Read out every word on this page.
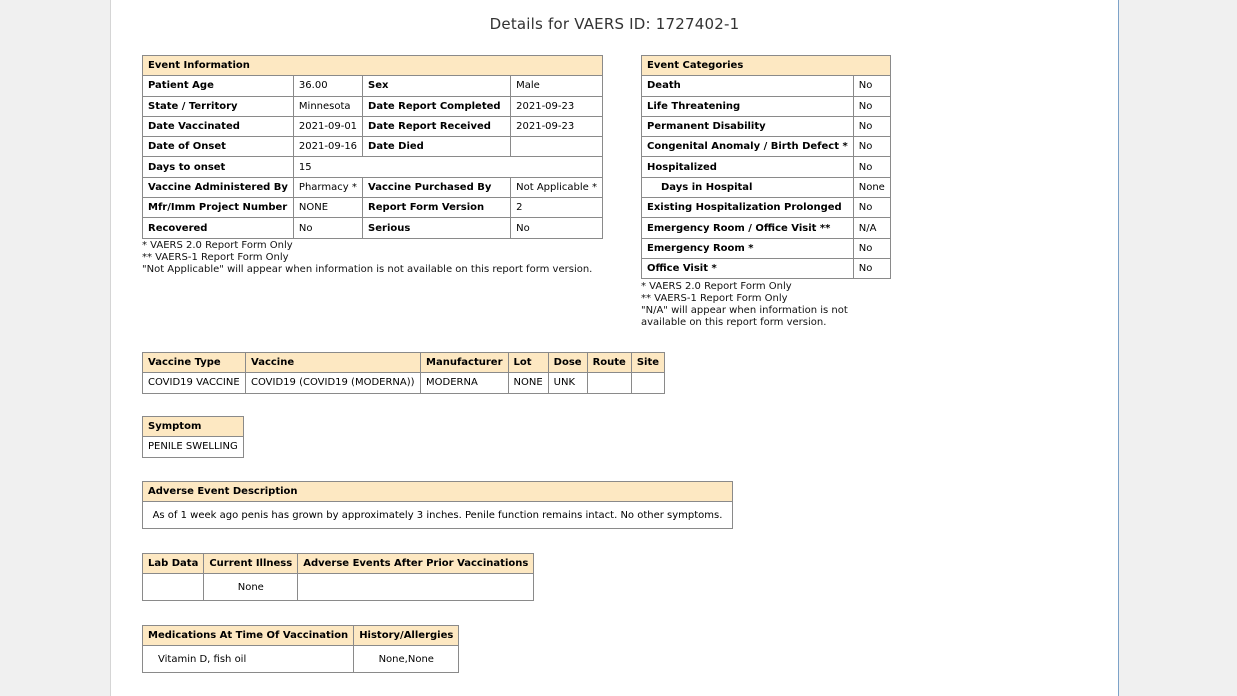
Details for VAERS ID: 1727402-1
Event Information			
Patient Age	36.00	Sex	Male
State / Territory	Minnesota	Date Report Completed	2021-09-23
Date Vaccinated	2021-09-01	Date Report Received	2021-09-23
Date of Onset	2021-09-16	Date Died	
Days to onset	15		
Vaccine Administered By	Pharmacy *	Vaccine Purchased By	Not Applicable *
Mfr/Imm Project Number	NONE	Report Form Version	2
Recovered	No	Serious	No
* VAERS 2.0 Report Form Only
** VAERS-1 Report Form Only
"Not Applicable" will appear when information is not available on this report form version.
Event Categories	
Death	No
Life Threatening	No
Permanent Disability	No
Congenital Anomaly / Birth Defect *	No
Hospitalized	No
Days in Hospital	None
Existing Hospitalization Prolonged	No
Emergency Room / Office Visit **	N/A
Emergency Room *	No
Office Visit *	No
* VAERS 2.0 Report Form Only
** VAERS-1 Report Form Only
"N/A" will appear when information is not
available on this report form version.
Vaccine Type	Vaccine	Manufacturer	Lot	Dose	Route	Site
COVID19 VACCINE	COVID19 (COVID19 (MODERNA))	MODERNA	NONE	UNK		
Symptom
PENILE SWELLING
Adverse Event Description
As of 1 week ago penis has grown by approximately 3 inches. Penile function remains intact. No other symptoms.
Lab Data	Current Illness	Adverse Events After Prior Vaccinations
	None	
Medications At Time Of Vaccination	History/Allergies
Vitamin D, fish oil	None,None
